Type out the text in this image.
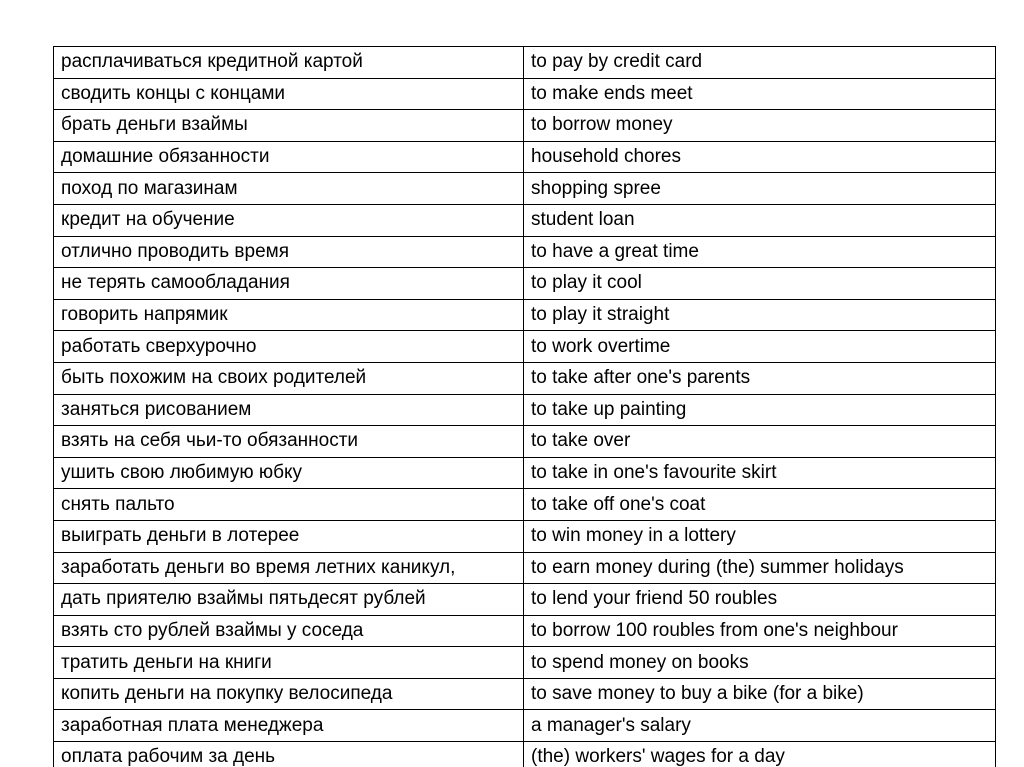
расплачиваться кредитной картой	to pay by credit card
сводить концы с концами	to make ends meet
брать деньги взаймы	to borrow money
домашние обязанности	household chores
поход по магазинам	shopping spree
кредит на обучение	student loan
отлично проводить время	to have a great time
не терять самообладания	to play it cool
говорить напрямик	to play it straight
работать сверхурочно	to work overtime
быть похожим на своих родителей	to take after one's parents
заняться рисованием	to take up painting
взять на себя чьи-то обязанности	to take over
ушить свою любимую юбку	to take in one's favourite skirt
снять пальто	to take off one's coat
выиграть деньги в лотерее	to win money in a lottery
заработать деньги во время летних каникул,	to earn money during (the) summer holidays
дать приятелю взаймы пятьдесят рублей	to lend your friend 50 roubles
взять сто рублей взаймы у соседа	to borrow 100 roubles from one's neighbour
тратить деньги на книги	to spend money on books
копить деньги на покупку велосипеда	to save money to buy a bike (for a bike)
заработная плата менеджера	a manager's salary
оплата рабочим за день	(the) workers' wages for a day
